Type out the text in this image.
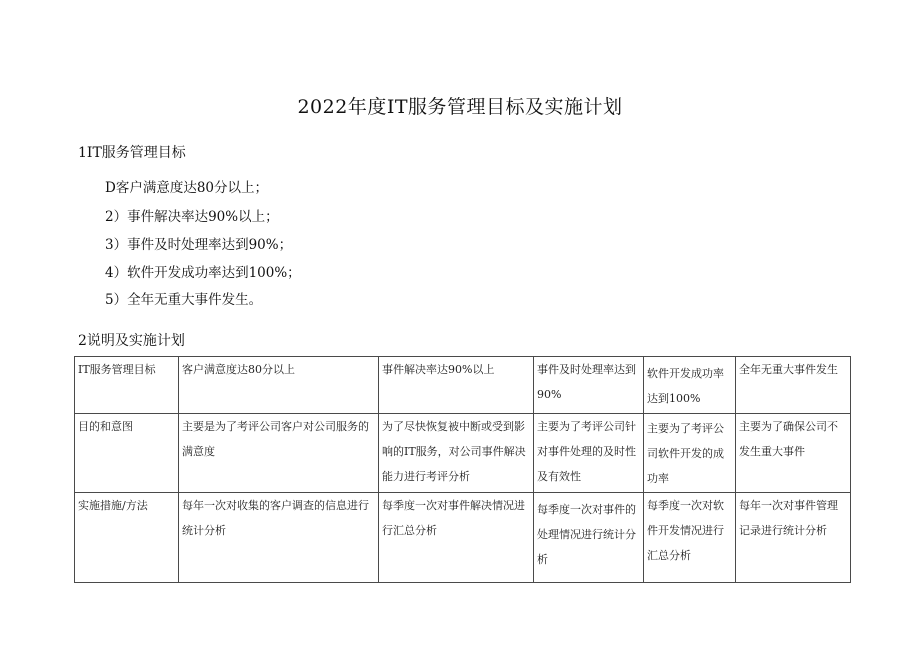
2022年度IT服务管理目标及实施计划
1IT服务管理目标
D客户满意度达80分以上；
2）事件解决率达90%以上；
3）事件及时处理率达到90%；
4）软件开发成功率达到100%；
5）全年无重大事件发生。
2说明及实施计划
IT服务管理目标	客户满意度达80分以上	事件解决率达90%以上	事件及时处理率达到90%	软件开发成功率达到100%	全年无重大事件发生
目的和意图	主要是为了考评公司客户对公司服务的满意度	为了尽快恢复被中断或受到影响的IT服务，对公司事件解决能力进行考评分析	主要为了考评公司针对事件处理的及时性及有效性	主要为了考评公司软件开发的成功率	主要为了确保公司不发生重大事件
实施措施/方法	每年一次对收集的客户调查的信息进行统计分析	每季度一次对事件解决情况进行汇总分析	每季度一次对事件的处理情况进行统计分析	每季度一次对软件开发情况进行汇总分析	每年一次对事件管理记录进行统计分析
